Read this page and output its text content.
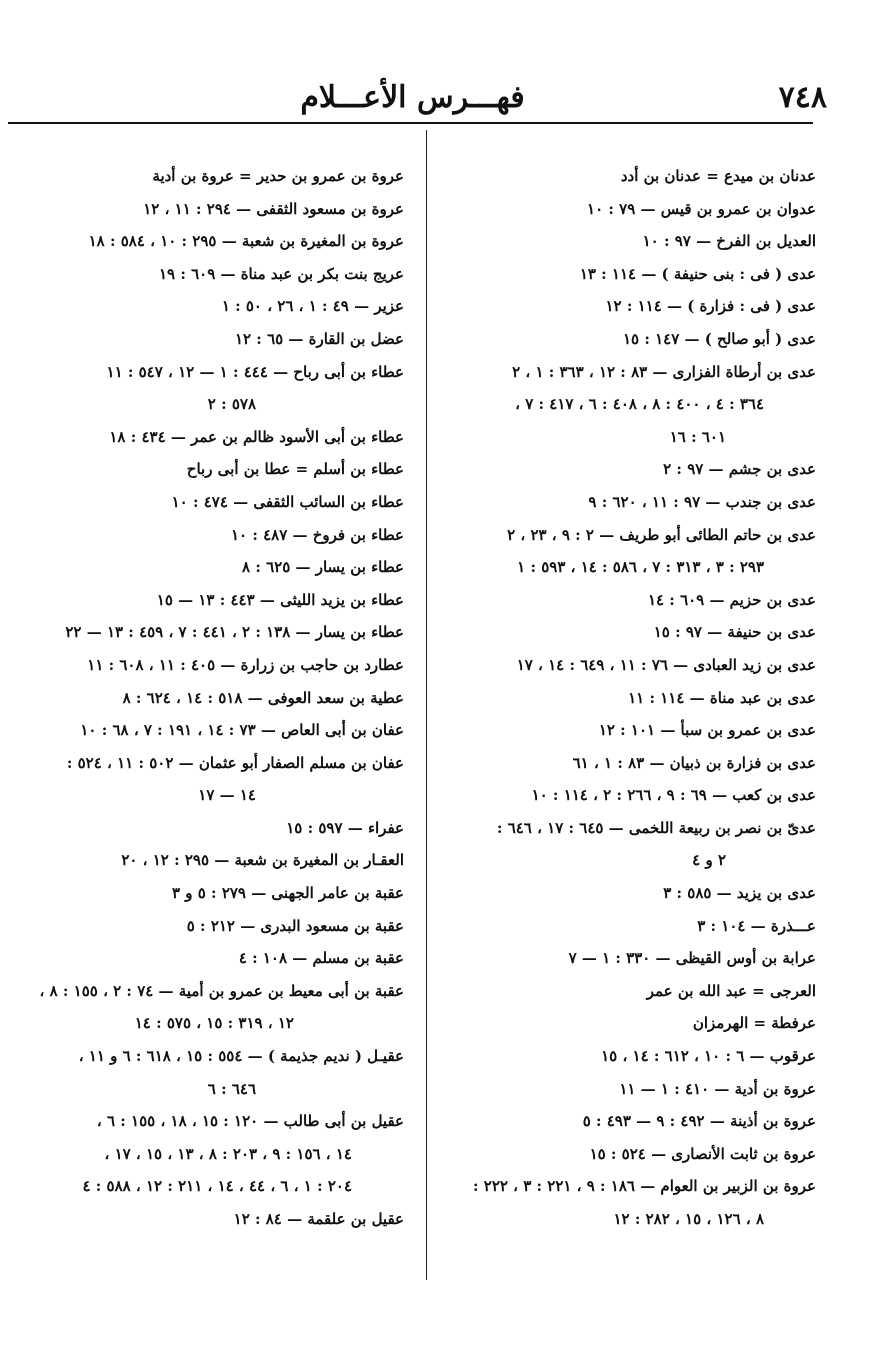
٧٤٨
فهـــرس الأعـــلام
عدنان بن ميدع = عدنان بن أدد
عدوان بن عمرو بن قيس — ٧٩ : ١٠
العديل بن الفرخ — ٩٧ : ١٠
عدى ( فى : بنى حنيفة ) — ١١٤ : ١٣
عدى ( فى : فزارة ) — ١١٤ : ١٢
عدى ( أبو صالح ) — ١٤٧ : ١٥
عدى بن أرطاة الفزارى — ٨٣ : ١٢ ، ٣٦٣ : ١ ، ٢
٣٦٤ : ٤ ، ٤٠٠ : ٨ ، ٤٠٨ : ٦ ، ٤١٧ : ٧ ،
٦٠١ : ١٦
عدى بن جشم — ٩٧ : ٢
عدى بن جندب — ٩٧ : ١١ ، ٦٢٠ : ٩
عدى بن حاتم الطائى أبو طريف — ٢ : ٩ ، ٢٣ ، ٢
٢٩٣ : ٣ ، ٣١٣ : ٧ ، ٥٨٦ : ١٤ ، ٥٩٣ : ١
عدى بن حزيم — ٦٠٩ : ١٤
عدى بن حنيفة — ٩٧ : ١٥
عدى بن زيد العبادى — ٧٦ : ١١ ، ٦٤٩ : ١٤ ، ١٧
عدى بن عبد مناة — ١١٤ : ١١
عدى بن عمرو بن سبأ — ١٠١ : ١٢
عدى بن فزارة بن ذبيان — ٨٣ : ١ ، ٦١
عدى بن كعب — ٦٩ : ٩ ، ٢٦٦ : ٢ ، ١١٤ : ١٠
عدىّ بن نصر بن ربيعة اللخمى — ٦٤٥ : ١٧ ، ٦٤٦ :
٢ و ٤
عدى بن يزيد — ٥٨٥ : ٣
عـــذرة — ١٠٤ : ٣
عرابة بن أوس القيظى — ٣٣٠ : ١ — ٧
العرجى = عبد الله بن عمر
عرفطة = الهرمزان
عرقوب — ٦ : ١٠ ، ٦١٢ : ١٤ ، ١٥
عروة بن أدية — ٤١٠ : ١ — ١١
عروة بن أذينة — ٤٩٢ : ٩ — ٤٩٣ : ٥
عروة بن ثابت الأنصارى — ٥٢٤ : ١٥
عروة بن الزبير بن العوام — ١٨٦ : ٩ ، ٢٢١ : ٣ ، ٢٢٢ :
٨ ، ١٢٦ ، ١٥ ، ٢٨٢ : ١٢
عروة بن عمرو بن حدير = عروة بن أدية
عروة بن مسعود الثقفى — ٢٩٤ : ١١ ، ١٢
عروة بن المغيرة بن شعبة — ٢٩٥ : ١٠ ، ٥٨٤ : ١٨
عريج بنت بكر بن عبد مناة — ٦٠٩ : ١٩
عزير — ٤٩ : ١ ، ٢٦ ، ٥٠ : ١
عضل بن القارة — ٦٥ : ١٢
عطاء بن أبى رباح — ٤٤٤ : ١ — ١٢ ، ٥٤٧ : ١١
٥٧٨ : ٢
عطاء بن أبى الأسود ظالم بن عمر — ٤٣٤ : ١٨
عطاء بن أسلم = عطا بن أبى رباح
عطاء بن السائب الثقفى — ٤٧٤ : ١٠
عطاء بن فروخ — ٤٨٧ : ١٠
عطاء بن يسار — ٦٢٥ : ٨
عطاء بن يزيد الليثى — ٤٤٣ : ١٣ — ١٥
عطاء بن يسار — ١٣٨ : ٢ ، ٤٤١ : ٧ ، ٤٥٩ : ١٣ — ٢٢
عطارد بن حاجب بن زرارة — ٤٠٥ : ١١ ، ٦٠٨ : ١١
عطية بن سعد العوفى — ٥١٨ : ١٤ ، ٦٢٤ : ٨
عفان بن أبى العاص — ٧٣ : ١٤ ، ١٩١ : ٧ ، ٦٨ : ١٠
عفان بن مسلم الصفار أبو عثمان — ٥٠٢ : ١١ ، ٥٢٤ :
١٤ — ١٧
عفراء — ٥٩٧ : ١٥
العقـار بن المغيرة بن شعبة — ٢٩٥ : ١٢ ، ٢٠
عقبة بن عامر الجهنى — ٢٧٩ : ٥ و ٣
عقبة بن مسعود البدرى — ٢١٢ : ٥
عقبة بن مسلم — ١٠٨ : ٤
عقبة بن أبى معيط بن عمرو بن أمية — ٧٤ : ٢ ، ١٥٥ : ٨ ،
١٢ ، ٣١٩ : ١٥ ، ٥٧٥ : ١٤
عقيـل ( نديم جذيمة ) — ٥٥٤ : ١٥ ، ٦١٨ : ٦ و ١١ ،
٦٤٦ : ٦
عقيل بن أبى طالب — ١٢٠ : ١٥ ، ١٨ ، ١٥٥ : ٦ ،
١٤ ، ١٥٦ : ٩ ، ٢٠٣ : ٨ ، ١٣ ، ١٥ ، ١٧ ،
٢٠٤ : ١ ، ٦ ، ٤٤ ، ١٤ ، ٢١١ : ١٢ ، ٥٨٨ : ٤
عقيل بن علقمة — ٨٤ : ١٢
